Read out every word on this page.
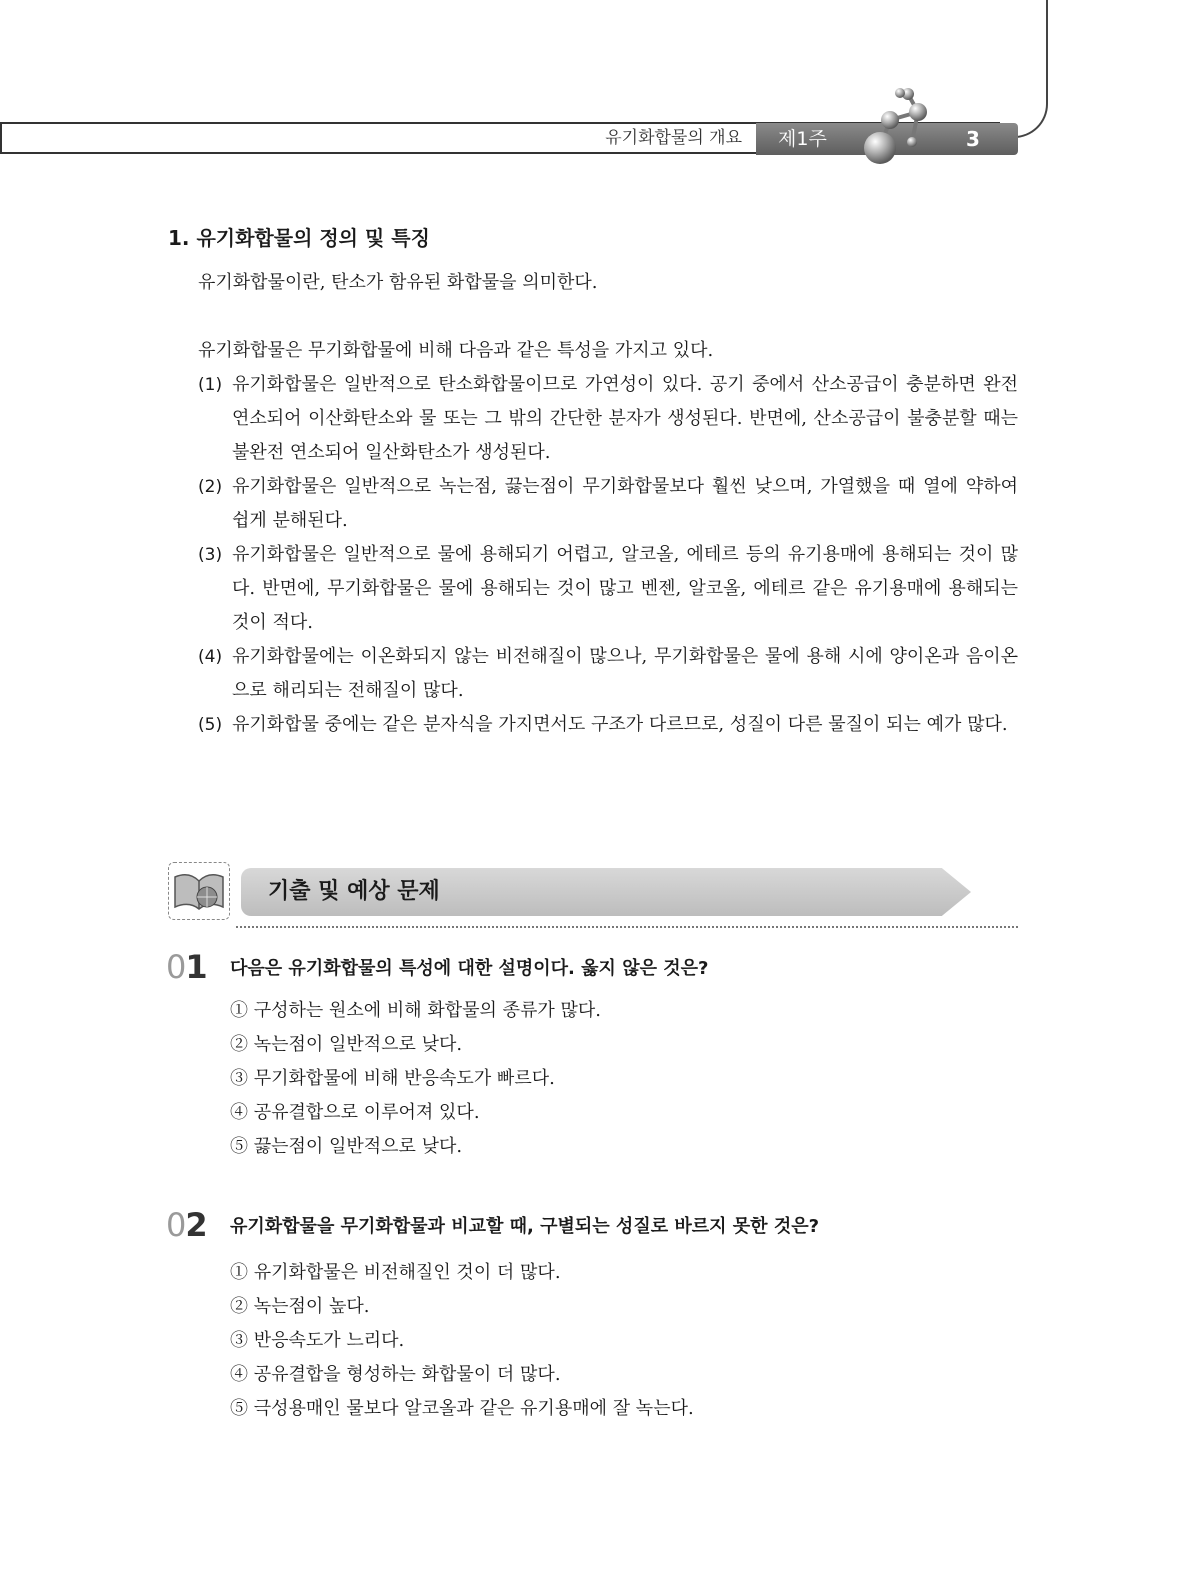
유기화합물의 개요 제1주	3
1. 유기화합물의 정의 및 특징
유기화합물이란, 탄소가 함유된 화합물을 의미한다.
유기화합물은 무기화합물에 비해 다음과 같은 특성을 가지고 있다.
(1) 유기화합물은 일반적으로 탄소화합물이므로 가연성이 있다. 공기 중에서 산소공급이 충분하면 완전 연소되어 이산화탄소와 물 또는 그 밖의 간단한 분자가 생성된다. 반면에, 산소공급이 불충분할 때는 불완전 연소되어 일산화탄소가 생성된다.
(2) 유기화합물은 일반적으로 녹는점, 끓는점이 무기화합물보다 훨씬 낮으며, 가열했을 때 열에 약하여 쉽게 분해된다.
(3) 유기화합물은 일반적으로 물에 용해되기 어렵고, 알코올, 에테르 등의 유기용매에 용해되는 것이 많다. 반면에, 무기화합물은 물에 용해되는 것이 많고 벤젠, 알코올, 에테르 같은 유기용매에 용해되는 것이 적다.
(4) 유기화합물에는 이온화되지 않는 비전해질이 많으나, 무기화합물은 물에 용해 시에 양이온과 음이온으로 해리되는 전해질이 많다.
(5) 유기화합물 중에는 같은 분자식을 가지면서도 구조가 다르므로, 성질이 다른 물질이 되는 예가 많다.
기출 및 예상 문제
01 다음은 유기화합물의 특성에 대한 설명이다. 옳지 않은 것은?
① 구성하는 원소에 비해 화합물의 종류가 많다.
② 녹는점이 일반적으로 낮다.
③ 무기화합물에 비해 반응속도가 빠르다.
④ 공유결합으로 이루어져 있다.
⑤ 끓는점이 일반적으로 낮다.
02 유기화합물을 무기화합물과 비교할 때, 구별되는 성질로 바르지 못한 것은?
① 유기화합물은 비전해질인 것이 더 많다.
② 녹는점이 높다.
③ 반응속도가 느리다.
④ 공유결합을 형성하는 화합물이 더 많다.
⑤ 극성용매인 물보다 알코올과 같은 유기용매에 잘 녹는다.
